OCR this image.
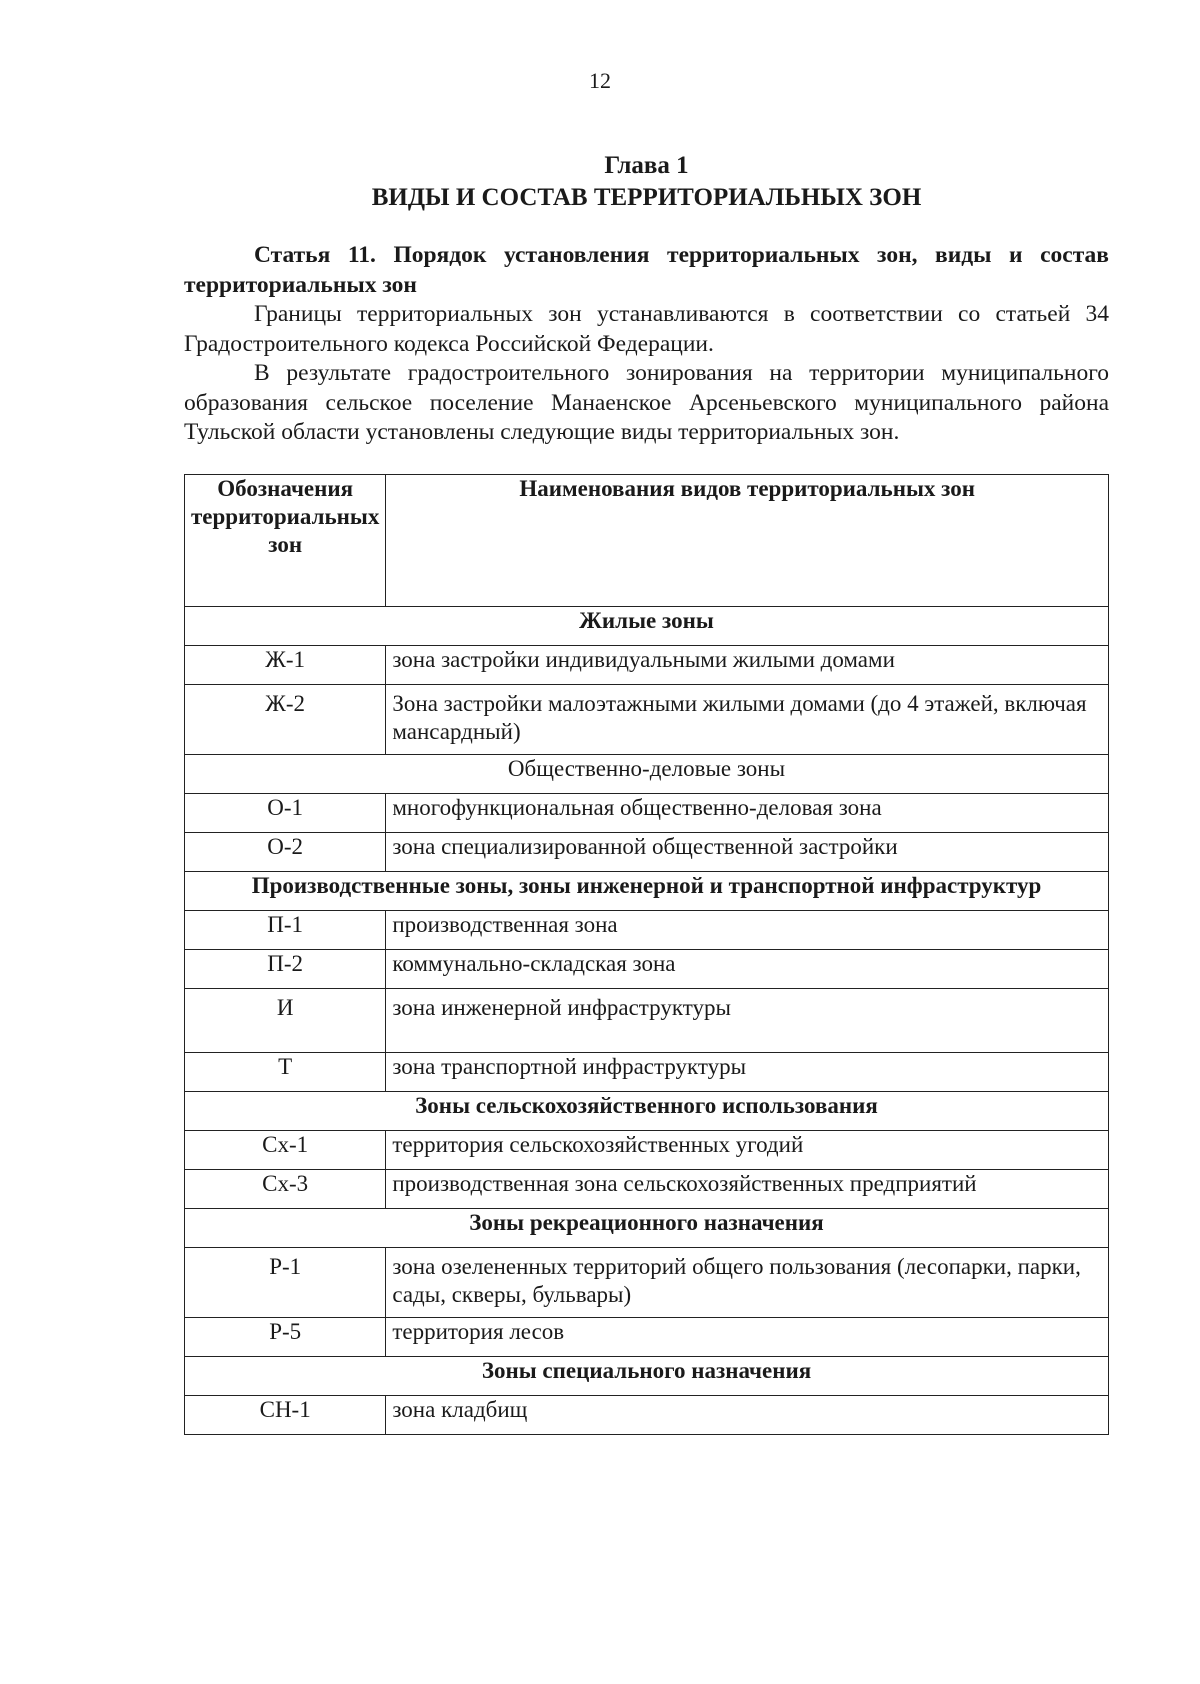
12
Глава 1
ВИДЫ И СОСТАВ ТЕРРИТОРИАЛЬНЫХ ЗОН

Статья 11. Порядок установления территориальных зон, виды и состав территориальных зон

Границы территориальных зон устанавливаются в соответствии со статьей 34 Градостроительного кодекса Российской Федерации.

В результате градостроительного зонирования на территории муниципального образования сельское поселение Манаенское Арсеньевского муниципального района Тульской области установлены следующие виды территориальных зон.

Обозначения территориальных зон	Наименования видов территориальных зон
Жилые зоны	
Ж-1	зона застройки индивидуальными жилыми домами
Ж-2	Зона застройки малоэтажными жилыми домами (до 4 этажей, включая мансардный)
Общественно-деловые зоны	
О-1	многофункциональная общественно-деловая зона
О-2	зона специализированной общественной застройки
Производственные зоны, зоны инженерной и транспортной инфраструктур	
П-1	производственная зона
П-2	коммунально-складская зона
И	зона инженерной инфраструктуры
Т	зона транспортной инфраструктуры
Зоны сельскохозяйственного использования	
Сх-1	территория сельскохозяйственных угодий
Сх-3	производственная зона сельскохозяйственных предприятий
Зоны рекреационного назначения	
Р-1	зона озелененных территорий общего пользования (лесопарки, парки, сады, скверы, бульвары)
Р-5	территория лесов
Зоны специального назначения	
СН-1	зона кладбищ
